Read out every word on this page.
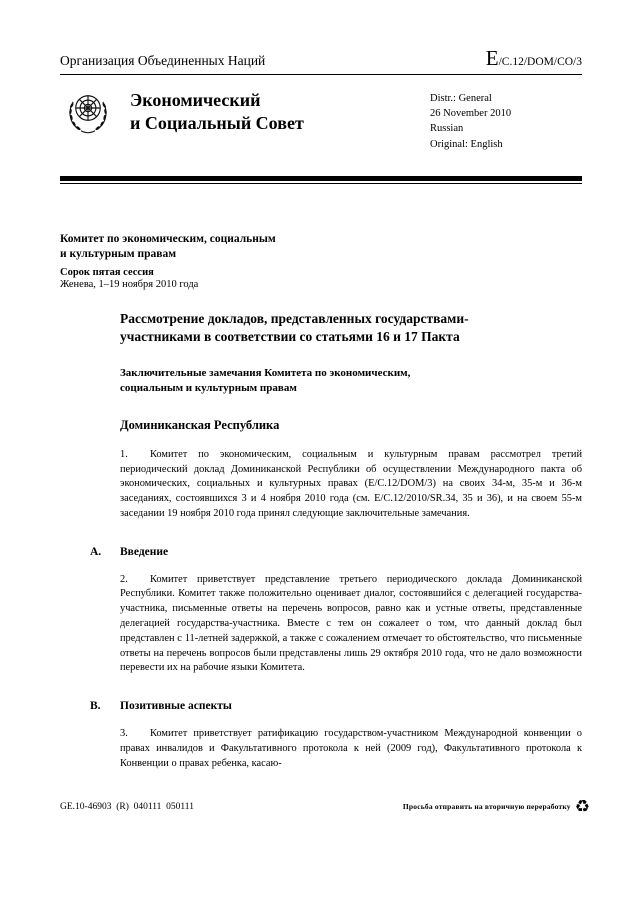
Организация Объединенных Наций	E/C.12/DOM/CO/3
Экономический
и Социальный Совет
Distr.: General
26 November 2010
Russian
Original: English
Комитет по экономическим, социальным
и культурным правам
Сорок пятая сессия
Женева, 1–19 ноября 2010 года
Рассмотрение докладов, представленных государствами-участниками в соответствии со статьями 16 и 17 Пакта
Заключительные замечания Комитета по экономическим, социальным и культурным правам
Доминиканская Республика
1. Комитет по экономическим, социальным и культурным правам рассмотрел третий периодический доклад Доминиканской Республики об осуществлении Международного пакта об экономических, социальных и культурных правах (E/C.12/DOM/3) на своих 34-м, 35-м и 36-м заседаниях, состоявшихся 3 и 4 ноября 2010 года (см. E/C.12/2010/SR.34, 35 и 36), и на своем 55-м заседании 19 ноября 2010 года принял следующие заключительные замечания.
A.	Введение
2. Комитет приветствует представление третьего периодического доклада Доминиканской Республики. Комитет также положительно оценивает диалог, состоявшийся с делегацией государства-участника, письменные ответы на перечень вопросов, равно как и устные ответы, представленные делегацией государства-участника. Вместе с тем он сожалеет о том, что данный доклад был представлен с 11-летней задержкой, а также с сожалением отмечает то обстоятельство, что письменные ответы на перечень вопросов были представлены лишь 29 октября 2010 года, что не дало возможности перевести их на рабочие языки Комитета.
B.	Позитивные аспекты
3. Комитет приветствует ратификацию государством-участником Международной конвенции о правах инвалидов и Факультативного протокола к ней (2009 год), Факультативного протокола к Конвенции о правах ребенка, касаю-
GE.10-46903  (R)  040111  050111	Просьба отправить на вторичную переработку ♻
